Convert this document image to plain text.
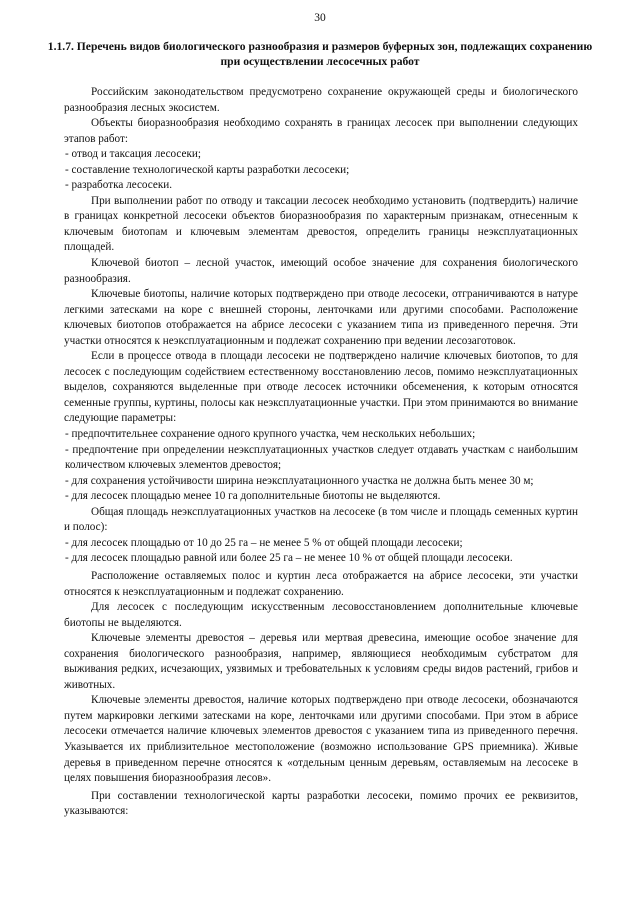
30
1.1.7. Перечень видов биологического разнообразия и размеров буферных зон, подлежащих сохранению при осуществлении лесосечных работ

Российским законодательством предусмотрено сохранение окружающей среды и биологического разнообразия лесных экосистем.

Объекты биоразнообразия необходимо сохранять в границах лесосек при выполнении следующих этапов работ:

- отвод и таксация лесосеки;

- составление технологической карты разработки лесосеки;

- разработка лесосеки.

При выполнении работ по отводу и таксации лесосек необходимо установить (подтвердить) наличие в границах конкретной лесосеки объектов биоразнообразия по характерным признакам, отнесенным к ключевым биотопам и ключевым элементам древостоя, определить границы неэксплуатационных площадей.

Ключевой биотоп – лесной участок, имеющий особое значение для сохранения биологического разнообразия.

Ключевые биотопы, наличие которых подтверждено при отводе лесосеки, отграничиваются в натуре легкими затесками на коре с внешней стороны, ленточками или другими способами. Расположение ключевых биотопов отображается на абрисе лесосеки с указанием типа из приведенного перечня. Эти участки относятся к неэксплуатационным и подлежат сохранению при ведении лесозаготовок.

Если в процессе отвода в площади лесосеки не подтверждено наличие ключевых биотопов, то для лесосек с последующим содействием естественному восстановлению лесов, помимо неэксплуатационных выделов, сохраняются выделенные при отводе лесосек источники обсеменения, к которым относятся семенные группы, куртины, полосы как неэксплуатационные участки. При этом принимаются во внимание следующие параметры:

- предпочтительнее сохранение одного крупного участка, чем нескольких небольших;

- предпочтение при определении неэксплуатационных участков следует отдавать участкам с наибольшим количеством ключевых элементов древостоя;

- для сохранения устойчивости ширина неэксплуатационного участка не должна быть менее 30 м;

- для лесосек площадью менее 10 га дополнительные биотопы не выделяются.

Общая площадь неэксплуатационных участков на лесосеке (в том числе и площадь семенных куртин и полос):

- для лесосек площадью от 10 до 25 га – не менее 5 % от общей площади лесосеки;

- для лесосек площадью равной или более 25 га – не менее 10 % от общей площади лесосеки.

Расположение оставляемых полос и куртин леса отображается на абрисе лесосеки, эти участки относятся к неэксплуатационным и подлежат сохранению.

Для лесосек с последующим искусственным лесовосстановлением дополнительные ключевые биотопы не выделяются.

Ключевые элементы древостоя – деревья или мертвая древесина, имеющие особое значение для сохранения биологического разнообразия, например, являющиеся необходимым субстратом для выживания редких, исчезающих, уязвимых и требовательных к условиям среды видов растений, грибов и животных.

Ключевые элементы древостоя, наличие которых подтверждено при отводе лесосеки, обозначаются путем маркировки легкими затесками на коре, ленточками или другими способами. При этом в абрисе лесосеки отмечается наличие ключевых элементов древостоя с указанием типа из приведенного перечня. Указывается их приблизительное местоположение (возможно использование GPS приемника). Живые деревья в приведенном перечне относятся к «отдельным ценным деревьям, оставляемым на лесосеке в целях повышения биоразнообразия лесов».

При составлении технологической карты разработки лесосеки, помимо прочих ее реквизитов, указываются:
